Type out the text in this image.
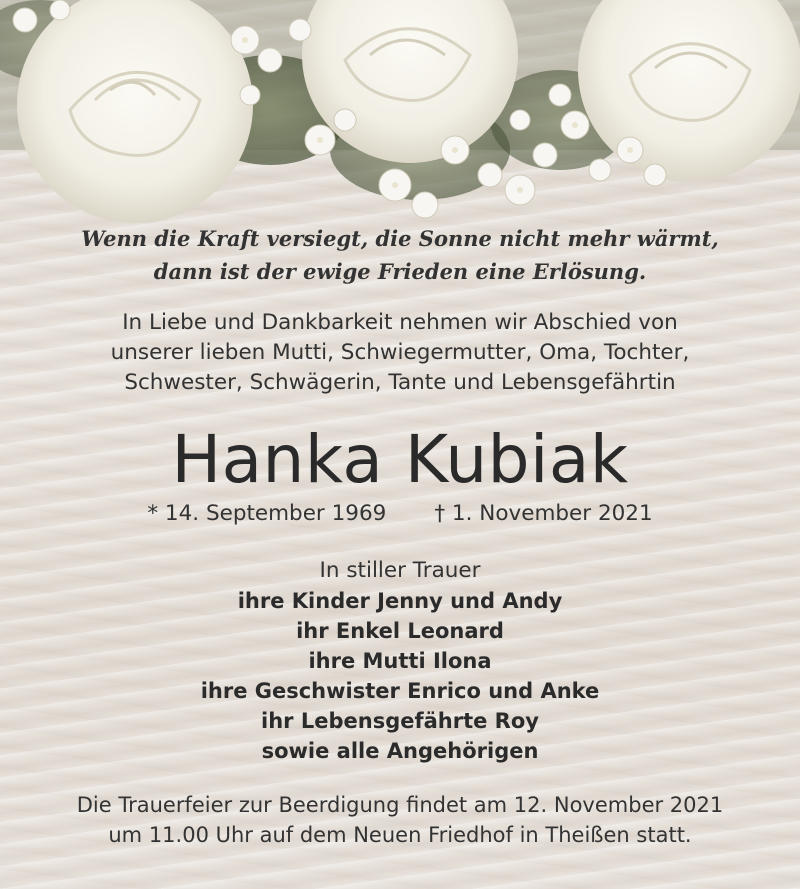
Wenn die Kraft versiegt, die Sonne nicht mehr wärmt,
dann ist der ewige Frieden eine Erlösung.
In Liebe und Dankbarkeit nehmen wir Abschied von
unserer lieben Mutti, Schwiegermutter, Oma, Tochter,
Schwester, Schwägerin, Tante und Lebensgefährtin
Hanka Kubiak
* 14. September 1969 † 1. November 2021
In stiller Trauer
ihre Kinder Jenny und Andy
ihr Enkel Leonard
ihre Mutti Ilona
ihre Geschwister Enrico und Anke
ihr Lebensgefährte Roy
sowie alle Angehörigen
Die Trauerfeier zur Beerdigung findet am 12. November 2021
um 11.00 Uhr auf dem Neuen Friedhof in Theißen statt.
